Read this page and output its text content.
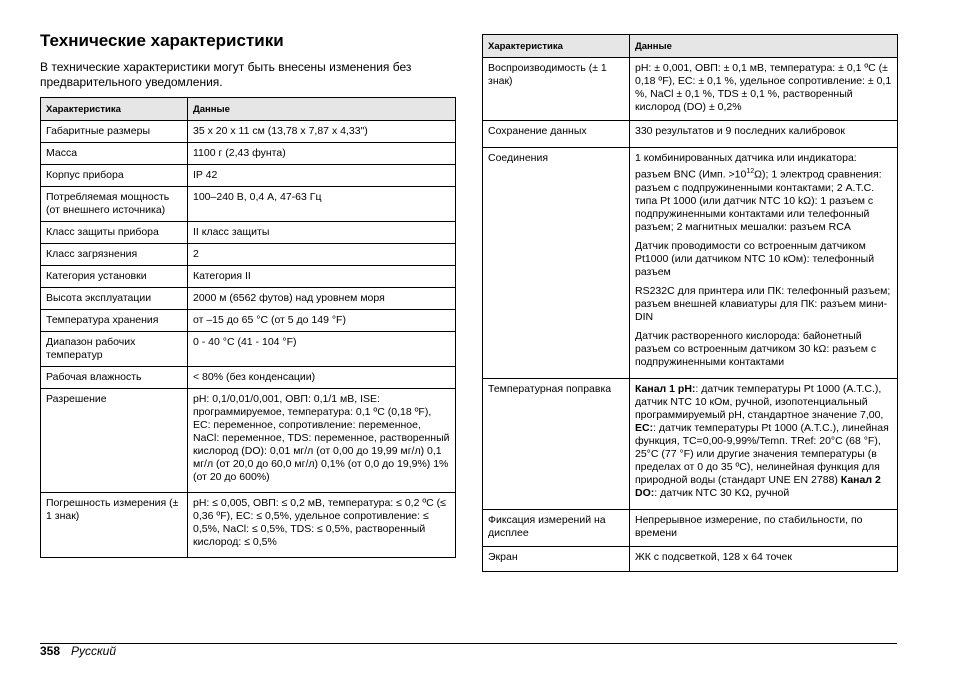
Технические характеристики

В технические характеристики могут быть внесены изменения без предварительного уведомления.

Характеристика	Данные
Габаритные размеры	35 x 20 x 11 см (13,78 x 7,87 x 4,33")
Масса	1100 г (2,43 фунта)
Корпус прибора	IP 42
Потребляемая мощность (от внешнего источника)	100–240 В, 0,4 A, 47-63 Гц
Класс защиты прибора	II класс защиты
Класс загрязнения	2
Категория установки	Категория II
Высота эксплуатации	2000 м (6562 футов) над уровнем моря
Температура хранения	от –15 до 65 °C (от 5 до 149 °F)
Диапазон рабочих температур	0 - 40 °C (41 - 104 °F)
Рабочая влажность	< 80% (без конденсации)
Разрешение	pH: 0,1/0,01/0,001, ОВП: 0,1/1 мВ, ISE: программируемое, температура: 0,1 ºC (0,18 ºF), EC: переменное, сопротивление: переменное, NaCl: переменное, TDS: переменное, растворенный кислород (DO): 0,01 мг/л (от 0,00 до 19,99 мг/л) 0,1 мг/л (от 20,0 до 60,0 мг/л) 0,1% (от 0,0 до 19,9%) 1% (от 20 до 600%)
Погрешность измерения (± 1 знак)	pH: ≤ 0,005, ОВП: ≤ 0,2 мВ, температура: ≤ 0,2 ºC (≤ 0,36 ºF), EC: ≤ 0,5%, удельное сопротивление: ≤ 0,5%, NaCl: ≤ 0,5%, TDS: ≤ 0,5%, растворенный кислород: ≤ 0,5%
Характеристика	Данные
Воспроизводимость (± 1 знак)	pH: ± 0,001, ОВП: ± 0,1 мВ, температура: ± 0,1 ºC (± 0,18 ºF), EC: ± 0,1 %, удельное сопротивление: ± 0,1 %, NaCl ± 0,1 %, TDS ± 0,1 %, растворенный кислород (DO) ± 0,2%
Сохранение данных	330 результатов и 9 последних калибровок
Соединения	1 комбинированных датчика или индикатора: разъем BNC (Имп. $>10^{12}\Omega$); 1 электрод сравнения: разъем с подпружиненными контактами; 2 A.T.C. типа Pt 1000 (или датчик NTC 10 kΩ): 1 разъем с подпружиненными контактами или телефонный разъем; 2 магнитных мешалки: разъем RCA

Датчик проводимости со встроенным датчиком Pt1000 (или датчиком NTC 10 кОм): телефонный разъем

RS232C для принтера или ПК: телефонный разъем; разъем внешней клавиатуры для ПК: разъем мини-DIN

Датчик растворенного кислорода: байонетный разъем со встроенным датчиком 30 kΩ: разъем с подпружиненными контактами

Температурная поправка	Канал 1 pH:: датчик температуры Pt 1000 (A.T.C.), датчик NTC 10 кОм, ручной, изопотенциальный программируемый pH, стандартное значение 7,00, EC:: датчик температуры Pt 1000 (A.T.C.), линейная функция, TC=0,00-9,99%/Temп. TRef: 20°C (68 °F), 25°C (77 °F) или другие значения температуры (в пределах от 0 до 35 ºC), нелинейная функция для природной воды (стандарт UNE EN 2788) Канал 2 DO:: датчик NTC 30 KΩ, ручной
Фиксация измерений на дисплее	Непрерывное измерение, по стабильности, по времени
Экран	ЖК с подсветкой, 128 x 64 точек
358 Русский
